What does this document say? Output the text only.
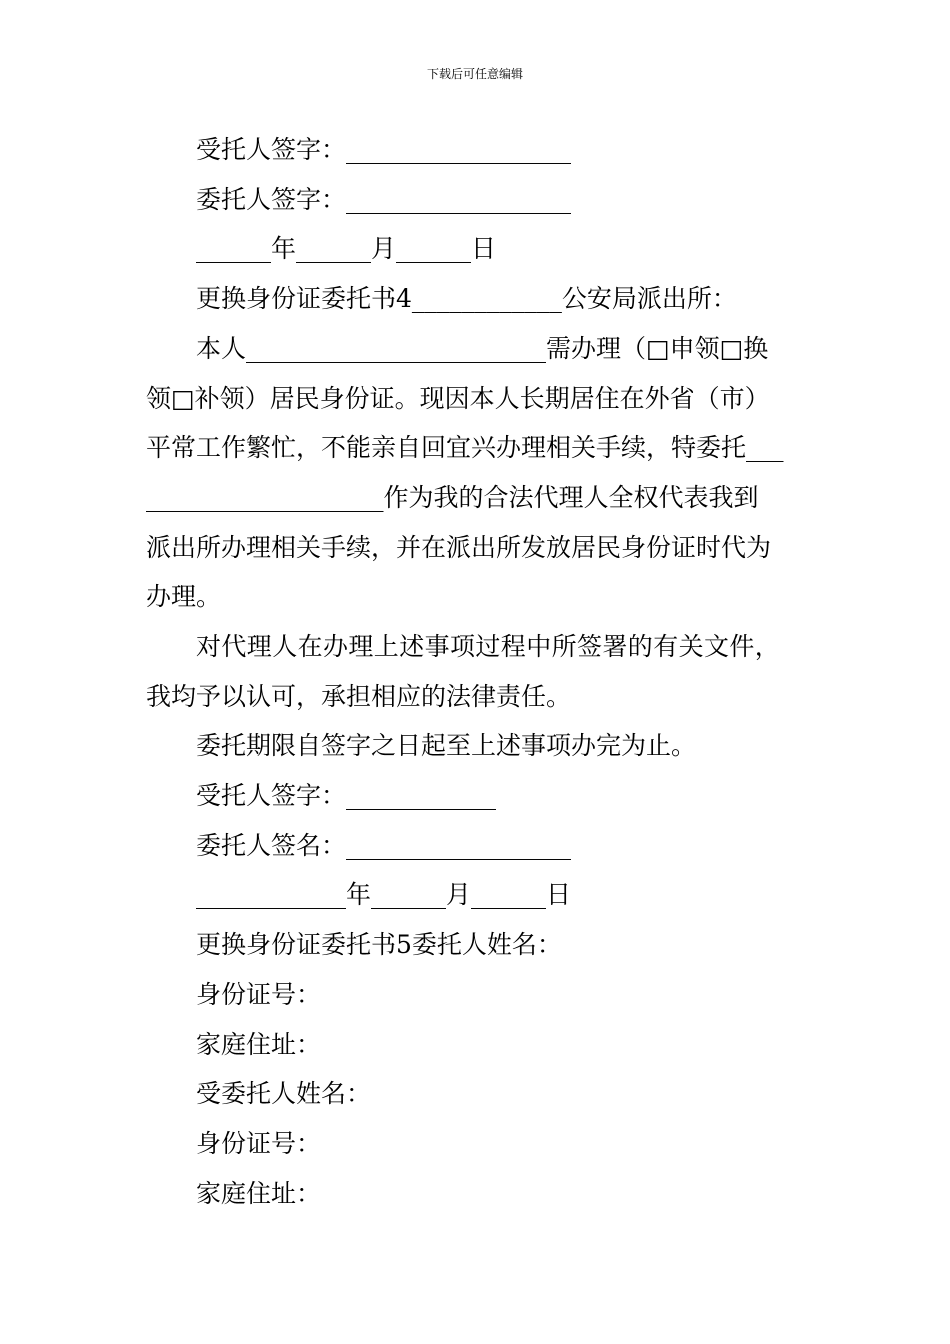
下载后可任意编辑
受托人签字：__________________
委托人签字：__________________
______年______月______日
更换身份证委托书4____________公安局派出所：
本人________________________需办理（□申领□换
领□补领）居民身份证。现因本人长期居住在外省（市）
平常工作繁忙，不能亲自回宜兴办理相关手续，特委托___
___________________作为我的合法代理人全权代表我到
派出所办理相关手续，并在派出所发放居民身份证时代为
办理。
对代理人在办理上述事项过程中所签署的有关文件，
我均予以认可，承担相应的法律责任。
委托期限自签字之日起至上述事项办完为止。
受托人签字：____________
委托人签名：__________________
____________年______月______日
更换身份证委托书5委托人姓名：
身份证号：
家庭住址：
受委托人姓名：
身份证号：
家庭住址：
